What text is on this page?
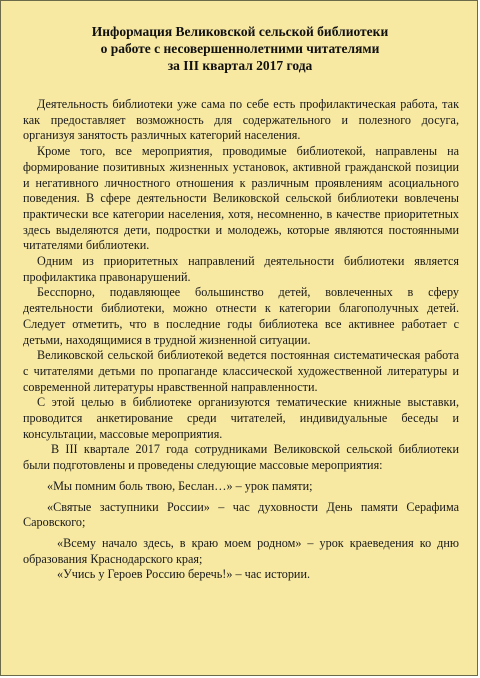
Информация Великовской сельской библиотеки
о работе с несовершеннолетними читателями
за III квартал 2017 года

Деятельность библиотеки уже сама по себе есть профилактическая работа, так как предоставляет возможность для содержательного и полезного досуга, организуя занятость различных категорий населения.

Кроме того, все мероприятия, проводимые библиотекой, направлены на формирование позитивных жизненных установок, активной гражданской позиции и негативного личностного отношения к различным проявлениям асоциального поведения. В сфере деятельности Великовской сельской библиотеки вовлечены практически все категории населения, хотя, несомненно, в качестве приоритетных здесь выделяются дети, подростки и молодежь, которые являются постоянными читателями библиотеки.

Одним из приоритетных направлений деятельности библиотеки является профилактика правонарушений.

Бесспорно, подавляющее большинство детей, вовлеченных в сферу деятельности библиотеки, можно отнести к категории благополучных детей. Следует отметить, что в последние годы библиотека все активнее работает с детьми, находящимися в трудной жизненной ситуации.

Великовской сельской библиотекой ведется постоянная систематическая работа с читателями детьми по пропаганде классической художественной литературы и современной литературы нравственной направленности.

С этой целью в библиотеке организуются тематические книжные выставки, проводится анкетирование среди читателей, индивидуальные беседы и консультации, массовые мероприятия.

В III квартале 2017 года сотрудниками Великовской сельской библиотеки были подготовлены и проведены следующие массовые мероприятия:

«Мы помним боль твою, Беслан…» – урок памяти;
«Святые заступники России» – час духовности День памяти Серафима Саровского;
«Всему начало здесь, в краю моем родном» – урок краеведения ко дню образования Краснодарского края;
«Учись у Героев Россию беречь!» – час истории.
